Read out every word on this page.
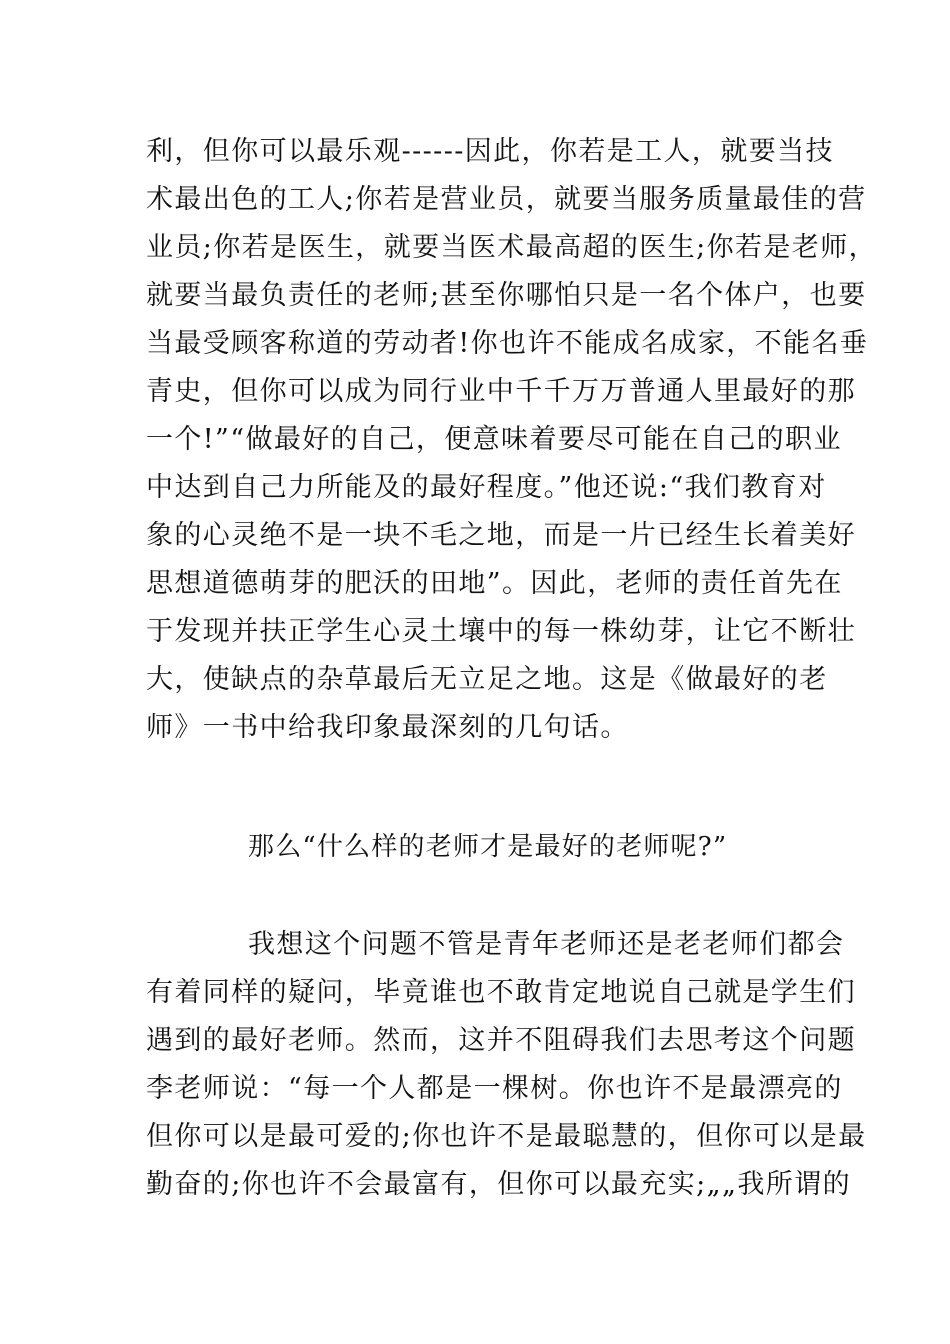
利，但你可以最乐观------因此，你若是工人，就要当技
术最出色的工人;你若是营业员，就要当服务质量最佳的营
业员;你若是医生，就要当医术最高超的医生;你若是老师，
就要当最负责任的老师;甚至你哪怕只是一名个体户，也要
当最受顾客称道的劳动者!你也许不能成名成家，不能名垂
青史，但你可以成为同行业中千千万万普通人里最好的那
一个!”“做最好的自己，便意味着要尽可能在自己的职业
中达到自己力所能及的最好程度。”他还说:“我们教育对
象的心灵绝不是一块不毛之地，而是一片已经生长着美好
思想道德萌芽的肥沃的田地”。因此，老师的责任首先在
于发现并扶正学生心灵土壤中的每一株幼芽，让它不断壮
大，使缺点的杂草最后无立足之地。这是《做最好的老
师》一书中给我印象最深刻的几句话。
那么“什么样的老师才是最好的老师呢?”
我想这个问题不管是青年老师还是老老师们都会
有着同样的疑问，毕竟谁也不敢肯定地说自己就是学生们
遇到的最好老师。然而，这并不阻碍我们去思考这个问题
李老师说：“每一个人都是一棵树。你也许不是最漂亮的
但你可以是最可爱的;你也许不是最聪慧的，但你可以是最
勤奋的;你也许不会最富有，但你可以最充实;„„我所谓的
